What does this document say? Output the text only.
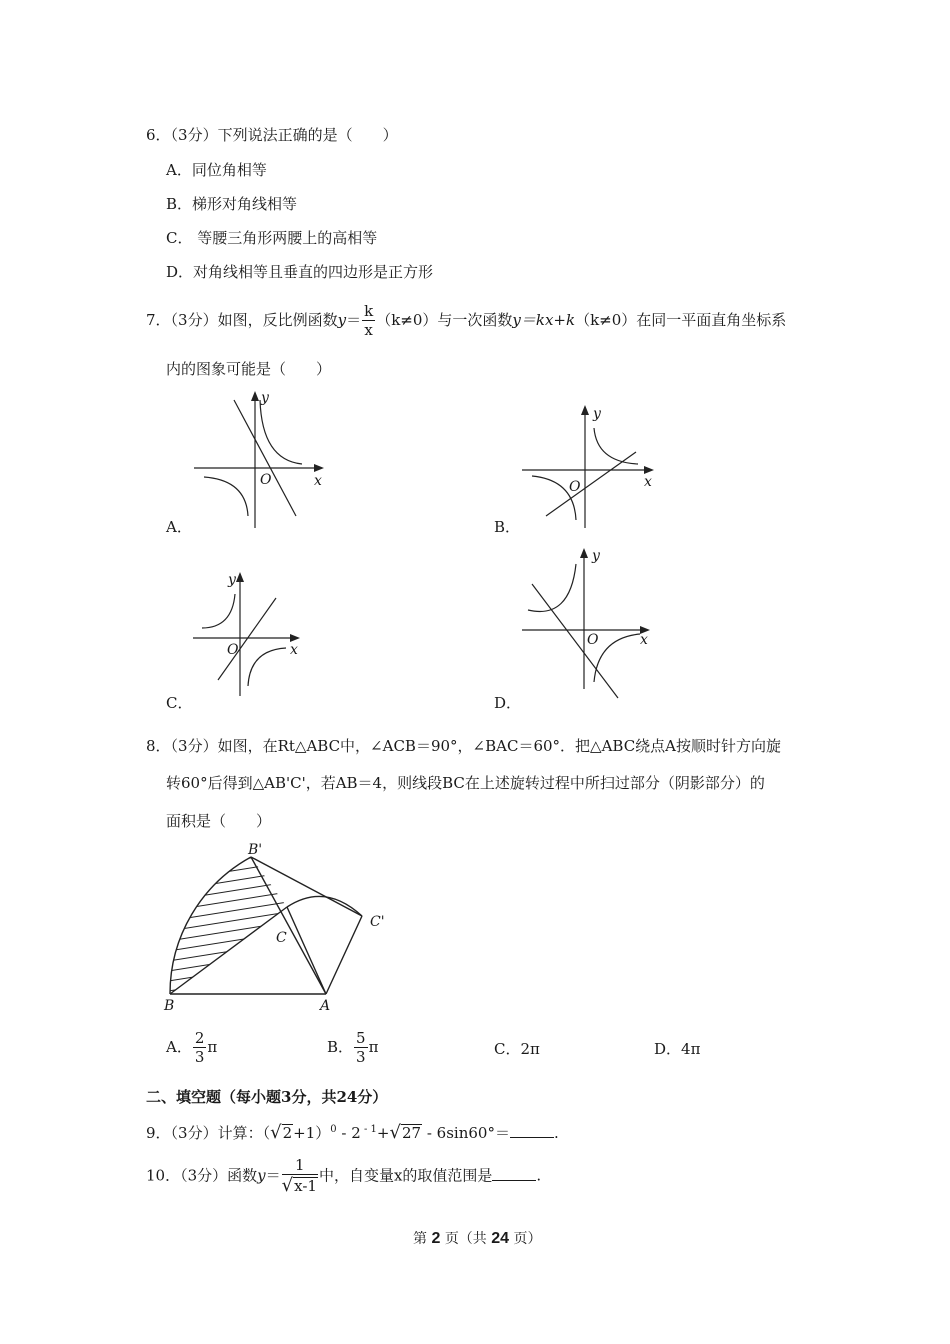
6．（3分）下列说法正确的是（　　）
A．同位角相等
B．梯形对角线相等
C． 等腰三角形两腰上的高相等
D．对角线相等且垂直的四边形是正方形
7．（3分）如图，反比例函数$y= \frac{k}{x} (k\ne 0)$与一次函数y＝kx+k（k≠0）在同一平面直角坐标系
内的图象可能是（　　）
x
y
O
A．
x
y
O
B．
x
y
O
C．
x
y
O
D．
8．（3分）如图，在Rt△ABC中，∠ACB＝90°，∠BAC＝60°．把△ABC绕点A按顺时针方向旋
转60°后得到△AB'C'，若AB＝4，则线段BC在上述旋转过程中所扫过部分（阴影部分）的
面积是（　　）
B'
C'
C
B	A
A． $\frac{2}{3}$ π	B． $\frac{5}{3}$ π	C．2π	D．4π
二、填空题（每小题3分，共24分）
9．（3分）计算：$(√2+1)^0 - 2$ $^{- 1}$+√27 - 6sin60°＝	.
10．（3分）函数$y= \frac{1}{√x-1}$ 中，自变量x的取值范围是	.
第 2 页（共 24 页）
